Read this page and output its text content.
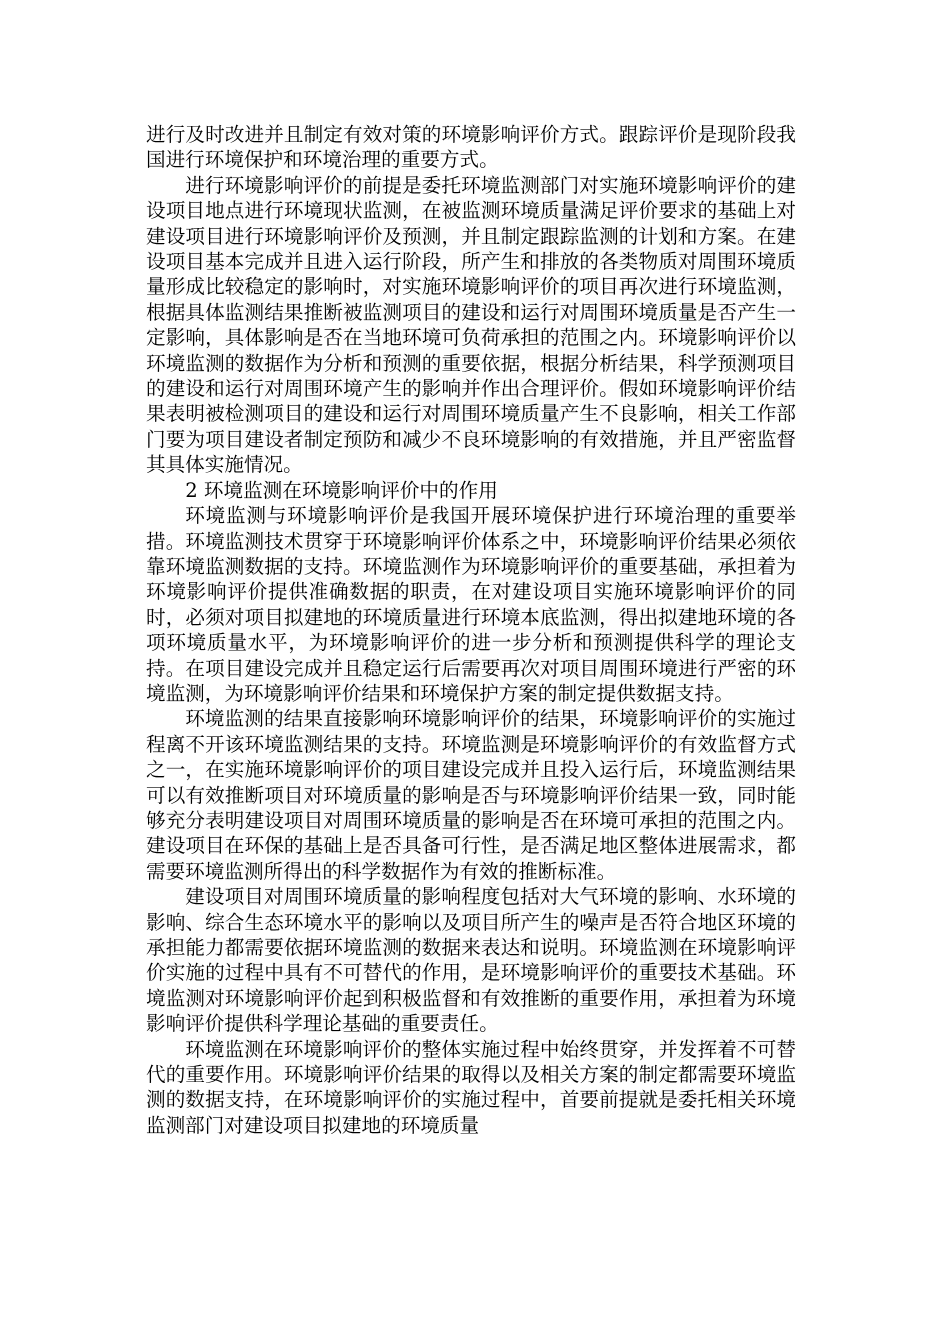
进行及时改进并且制定有效对策的环境影响评价方式。跟踪评价是现阶段我国进行环境保护和环境治理的重要方式。

进行环境影响评价的前提是委托环境监测部门对实施环境影响评价的建设项目地点进行环境现状监测，在被监测环境质量满足评价要求的基础上对建设项目进行环境影响评价及预测，并且制定跟踪监测的计划和方案。在建设项目基本完成并且进入运行阶段，所产生和排放的各类物质对周围环境质量形成比较稳定的影响时，对实施环境影响评价的项目再次进行环境监测，根据具体监测结果推断被监测项目的建设和运行对周围环境质量是否产生一定影响，具体影响是否在当地环境可负荷承担的范围之内。环境影响评价以环境监测的数据作为分析和预测的重要依据，根据分析结果，科学预测项目的建设和运行对周围环境产生的影响并作出合理评价。假如环境影响评价结果表明被检测项目的建设和运行对周围环境质量产生不良影响，相关工作部门要为项目建设者制定预防和减少不良环境影响的有效措施，并且严密监督其具体实施情况。

2 环境监测在环境影响评价中的作用

环境监测与环境影响评价是我国开展环境保护进行环境治理的重要举措。环境监测技术贯穿于环境影响评价体系之中，环境影响评价结果必须依靠环境监测数据的支持。环境监测作为环境影响评价的重要基础，承担着为环境影响评价提供准确数据的职责，在对建设项目实施环境影响评价的同时，必须对项目拟建地的环境质量进行环境本底监测，得出拟建地环境的各项环境质量水平，为环境影响评价的进一步分析和预测提供科学的理论支持。在项目建设完成并且稳定运行后需要再次对项目周围环境进行严密的环境监测，为环境影响评价结果和环境保护方案的制定提供数据支持。

环境监测的结果直接影响环境影响评价的结果，环境影响评价的实施过程离不开该环境监测结果的支持。环境监测是环境影响评价的有效监督方式之一，在实施环境影响评价的项目建设完成并且投入运行后，环境监测结果可以有效推断项目对环境质量的影响是否与环境影响评价结果一致，同时能够充分表明建设项目对周围环境质量的影响是否在环境可承担的范围之内。建设项目在环保的基础上是否具备可行性，是否满足地区整体进展需求，都需要环境监测所得出的科学数据作为有效的推断标准。

建设项目对周围环境质量的影响程度包括对大气环境的影响、水环境的影响、综合生态环境水平的影响以及项目所产生的噪声是否符合地区环境的承担能力都需要依据环境监测的数据来表达和说明。环境监测在环境影响评价实施的过程中具有不可替代的作用，是环境影响评价的重要技术基础。环境监测对环境影响评价起到积极监督和有效推断的重要作用，承担着为环境影响评价提供科学理论基础的重要责任。

环境监测在环境影响评价的整体实施过程中始终贯穿，并发挥着不可替代的重要作用。环境影响评价结果的取得以及相关方案的制定都需要环境监测的数据支持，在环境影响评价的实施过程中，首要前提就是委托相关环境监测部门对建设项目拟建地的环境质量
